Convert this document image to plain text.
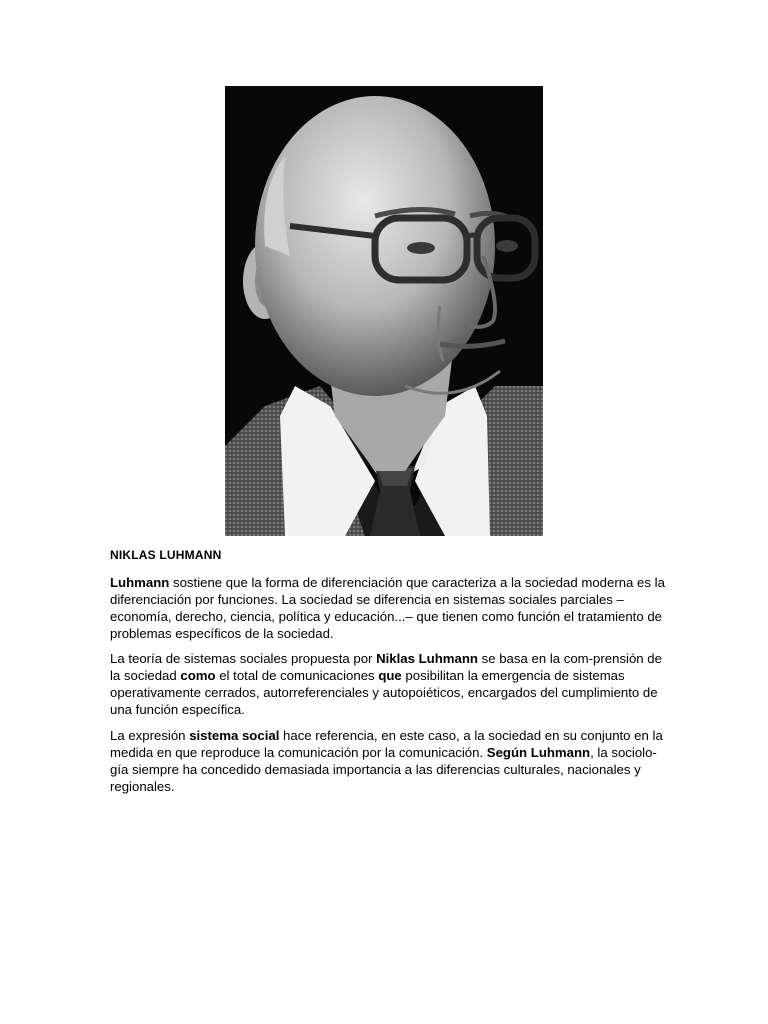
NIKLAS LUHMANN

Luhmann sostiene que la forma de diferenciación que caracteriza a la sociedad moderna es la diferenciación por funciones. La sociedad se diferencia en sistemas sociales parciales –economía, derecho, ciencia, política y educación...– que tienen como función el tratamiento de problemas específicos de la sociedad.

La teoría de sistemas sociales propuesta por Niklas Luhmann se basa en la com-prensión de la sociedad como el total de comunicaciones que posibilitan la emergencia de sistemas operativamente cerrados, autorreferenciales y autopoiéticos, encargados del cumplimiento de una función específica.

La expresión sistema social hace referencia, en este caso, a la sociedad en su conjunto en la medida en que reproduce la comunicación por la comunicación. Según Luhmann, la sociolo- gía siempre ha concedido demasiada importancia a las diferencias culturales, nacionales y regionales.
